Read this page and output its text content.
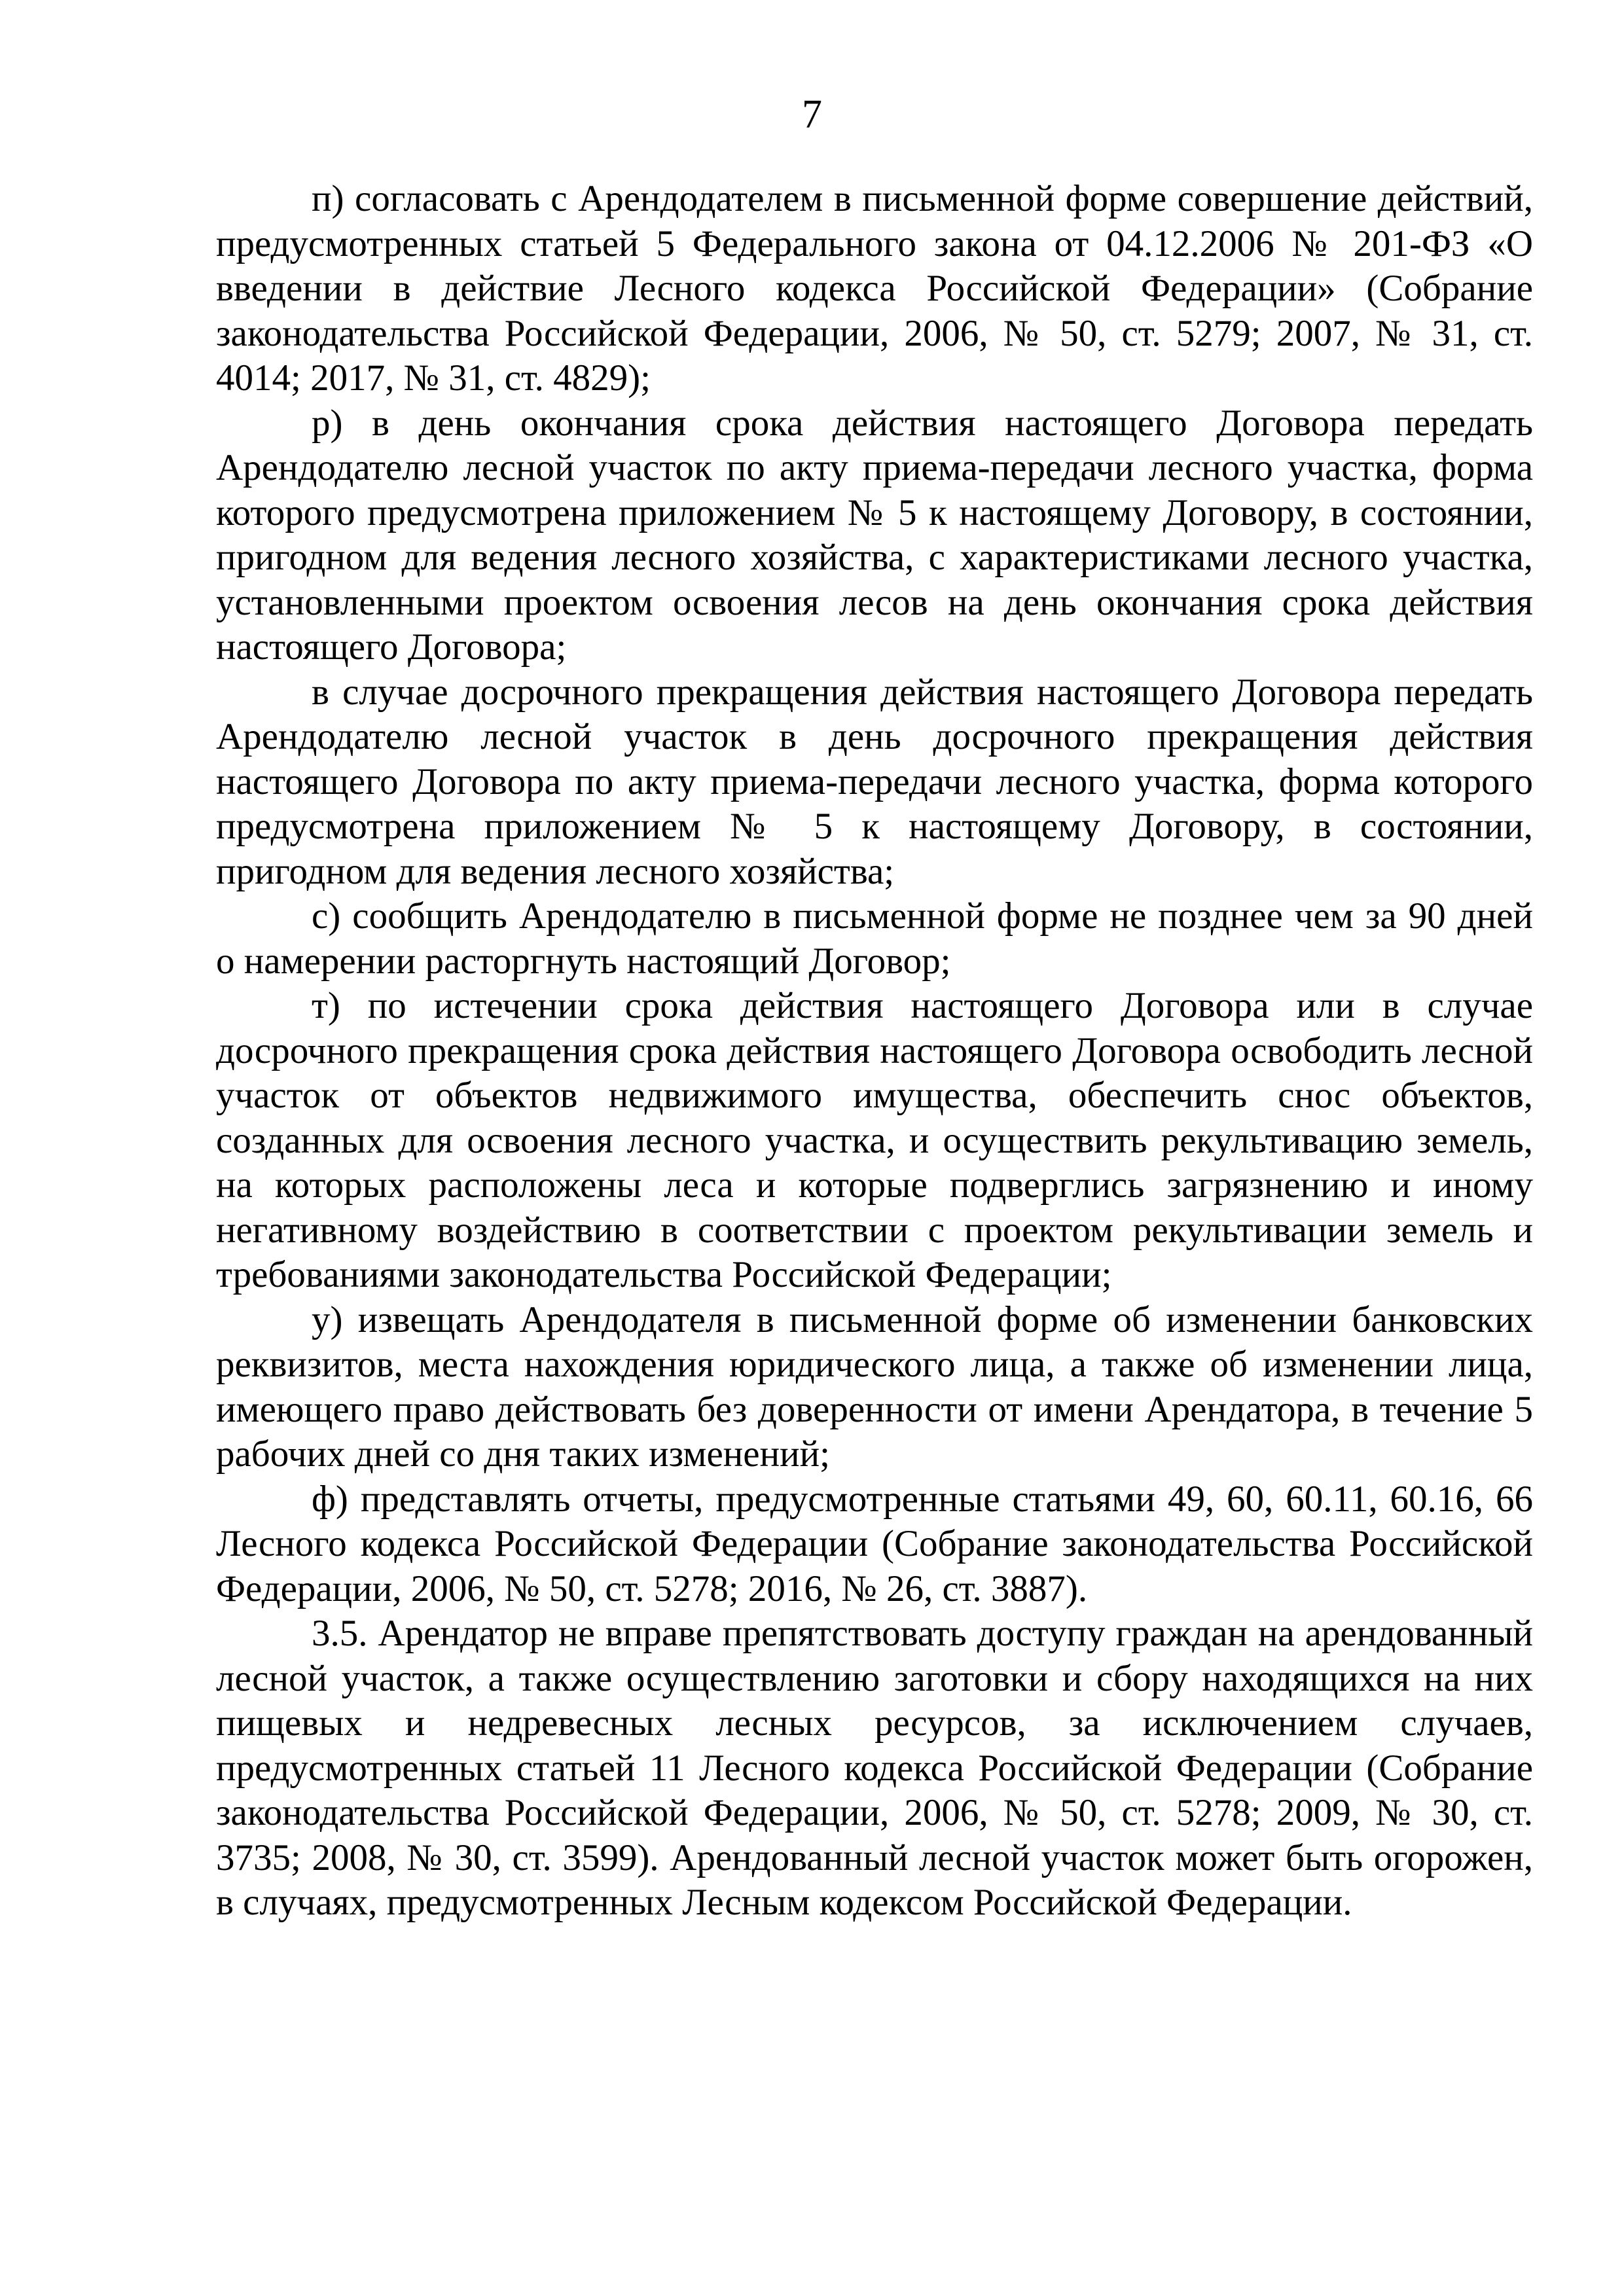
7

п) согласовать с Арендодателем в письменной форме совершение действий, предусмотренных статьей 5 Федерального закона от 04.12.2006 № 201-ФЗ «О введении в действие Лесного кодекса Российской Федерации» (Собрание законодательства Российской Федерации, 2006, № 50, ст. 5279; 2007, № 31, ст. 4014; 2017, № 31, ст. 4829);

р) в день окончания срока действия настоящего Договора передать Арендодателю лесной участок по акту приема-передачи лесного участка, форма которого предусмотрена приложением № 5 к настоящему Договору, в состоянии, пригодном для ведения лесного хозяйства, с характеристиками лесного участка, установленными проектом освоения лесов на день окончания срока действия настоящего Договора;

в случае досрочного прекращения действия настоящего Договора передать Арендодателю лесной участок в день досрочного прекращения действия настоящего Договора по акту приема-передачи лесного участка, форма которого предусмотрена приложением № 5 к настоящему Договору, в состоянии, пригодном для ведения лесного хозяйства;

с) сообщить Арендодателю в письменной форме не позднее чем за 90 дней о намерении расторгнуть настоящий Договор;

т) по истечении срока действия настоящего Договора или в случае досрочного прекращения срока действия настоящего Договора освободить лесной участок от объектов недвижимого имущества, обеспечить снос объектов, созданных для освоения лесного участка, и осуществить рекультивацию земель, на которых расположены леса и которые подверглись загрязнению и иному негативному воздействию в соответствии с проектом рекультивации земель и требованиями законодательства Российской Федерации;

у) извещать Арендодателя в письменной форме об изменении банковских реквизитов, места нахождения юридического лица, а также об изменении лица, имеющего право действовать без доверенности от имени Арендатора, в течение 5 рабочих дней со дня таких изменений;

ф) представлять отчеты, предусмотренные статьями 49, 60, 60.11, 60.16, 66 Лесного кодекса Российской Федерации (Собрание законодательства Российской Федерации, 2006, № 50, ст. 5278; 2016, № 26, ст. 3887).

3.5. Арендатор не вправе препятствовать доступу граждан на арендованный лесной участок, а также осуществлению заготовки и сбору находящихся на них пищевых и недревесных лесных ресурсов, за исключением случаев, предусмотренных статьей 11 Лесного кодекса Российской Федерации (Собрание законодательства Российской Федерации, 2006, № 50, ст. 5278; 2009, № 30, ст. 3735; 2008, № 30, ст. 3599). Арендованный лесной участок может быть огорожен, в случаях, предусмотренных Лесным кодексом Российской Федерации.
